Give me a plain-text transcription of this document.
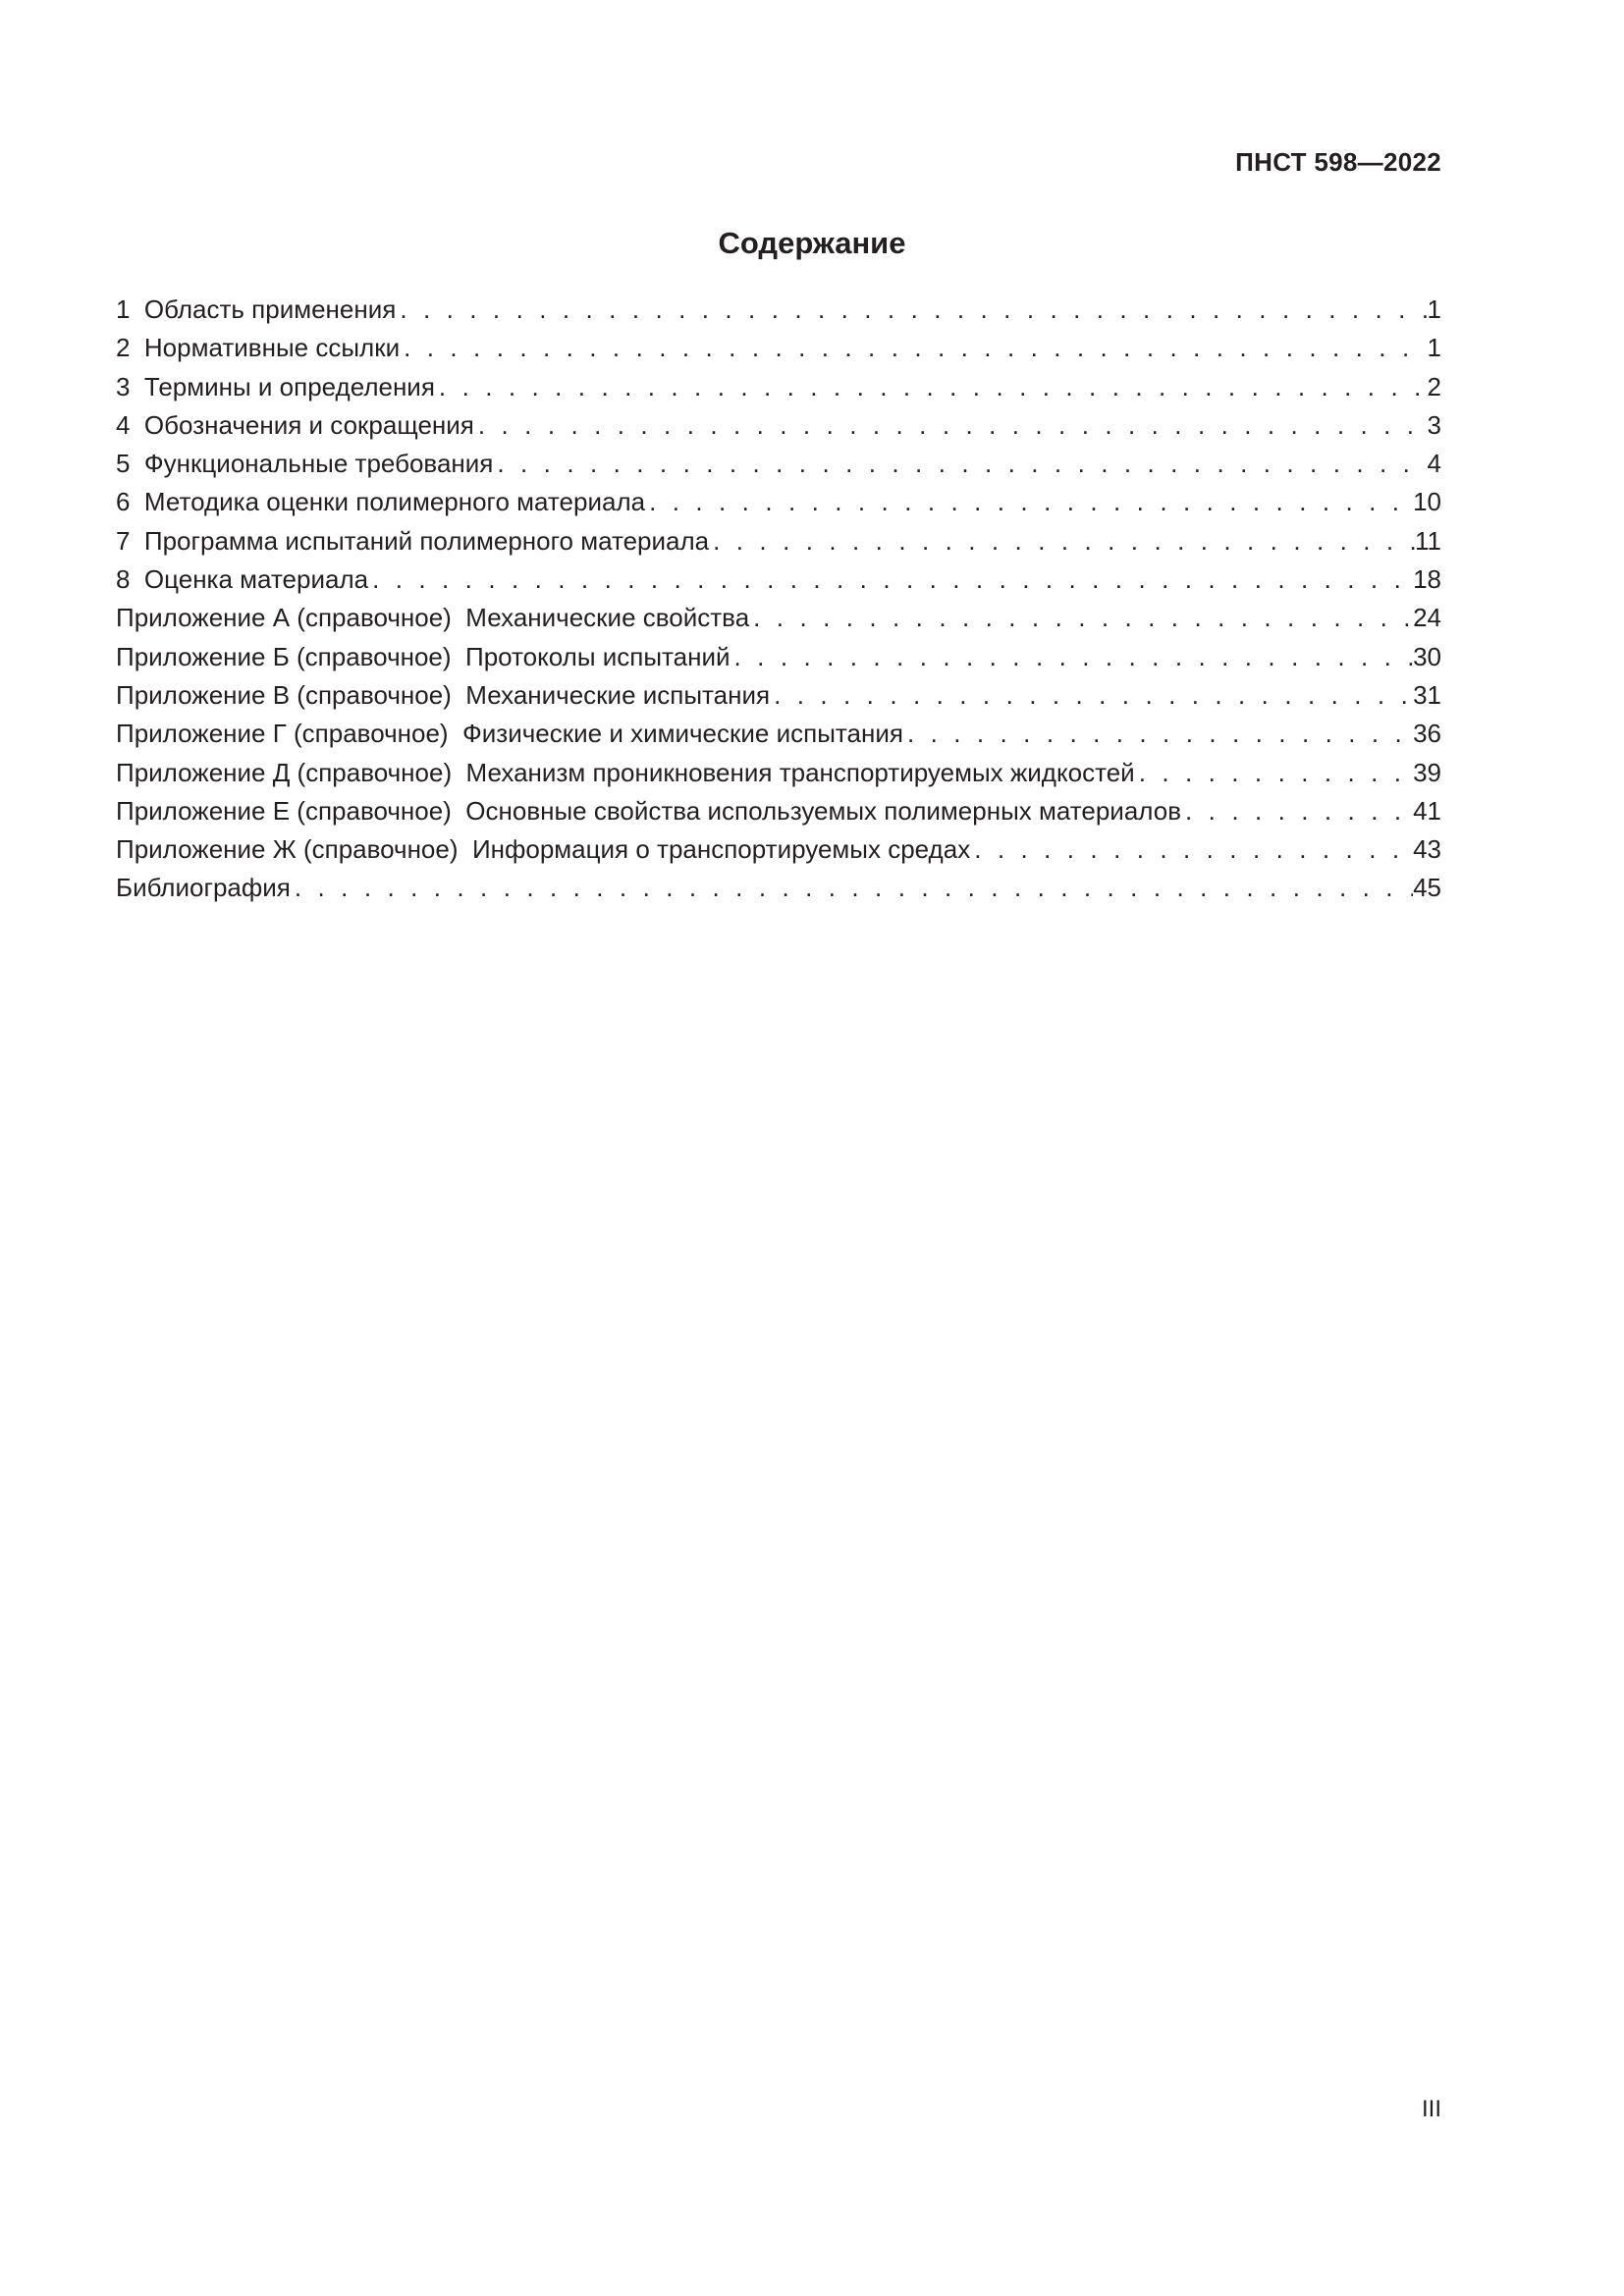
ПНСТ 598—2022
Содержание
1  Область применения . . .	1
2  Нормативные ссылки . . .	1
3  Термины и определения . . .	2
4  Обозначения и сокращения . . .	3
5  Функциональные требования . . .	4
6  Методика оценки полимерного материала . . .	10
7  Программа испытаний полимерного материала . . .	11
8  Оценка материала . . .	18
Приложение А (справочное)  Механические свойства . . .	24
Приложение Б (справочное)  Протоколы испытаний . . .	30
Приложение В (справочное)  Механические испытания . . .	31
Приложение Г (справочное)  Физические и химические испытания . . .	36
Приложение Д (справочное)  Механизм проникновения транспортируемых жидкостей . . .	39
Приложение Е (справочное)  Основные свойства используемых полимерных материалов . . .	41
Приложение Ж (справочное)  Информация о транспортируемых средах . . .	43
Библиография . . .	45
III
